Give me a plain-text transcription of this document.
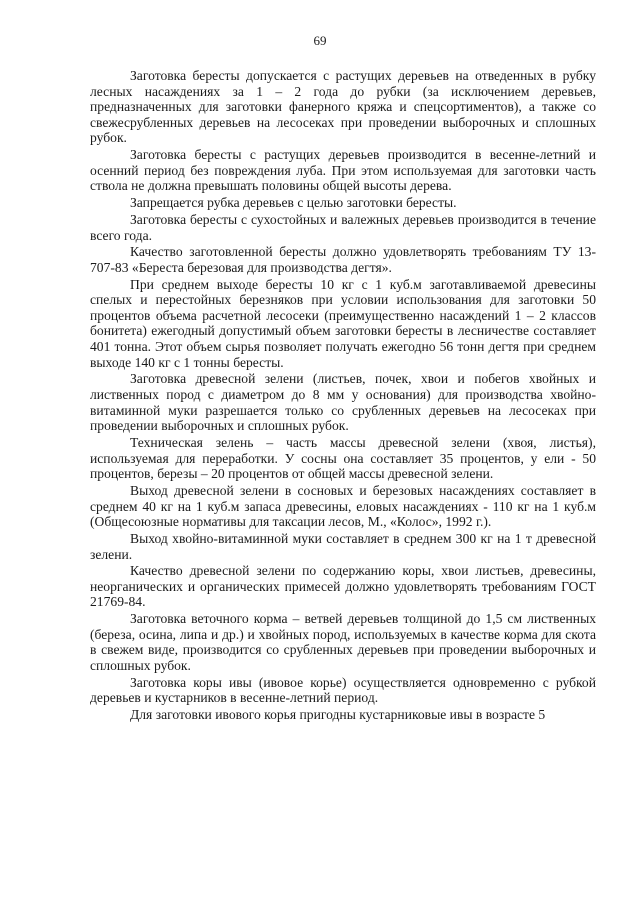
69

Заготовка бересты допускается с растущих деревьев на отведенных в рубку лесных насаждениях за 1 – 2 года до рубки (за исключением деревьев, предназначенных для заготовки фанерного кряжа и спецсортиментов), а также со свежесрубленных деревьев на лесосеках при проведении выборочных и сплошных рубок.

Заготовка бересты с растущих деревьев производится в весенне-летний и осенний период без повреждения луба. При этом используемая для заготовки часть ствола не должна превышать половины общей высоты дерева.

Запрещается рубка деревьев с целью заготовки бересты.

Заготовка бересты с сухостойных и валежных деревьев производится в течение всего года.

Качество заготовленной бересты должно удовлетворять требованиям ТУ 13-707-83 «Береста березовая для производства дегтя».

При среднем выходе бересты 10 кг с 1 куб.м заготавливаемой древесины спелых и перестойных березняков при условии использования для заготовки 50 процентов объема расчетной лесосеки (преимущественно насаждений 1 – 2 классов бонитета) ежегодный допустимый объем заготовки бересты в лесничестве составляет 401 тонна. Этот объем сырья позволяет получать ежегодно 56 тонн дегтя при среднем выходе 140 кг с 1 тонны бересты.

Заготовка древесной зелени (листьев, почек, хвои и побегов хвойных и лиственных пород с диаметром до 8 мм у основания) для производства хвойно-витаминной муки разрешается только со срубленных деревьев на лесосеках при проведении выборочных и сплошных рубок.

Техническая зелень – часть массы древесной зелени (хвоя, листья), используемая для переработки. У сосны она составляет 35 процентов, у ели - 50 процентов, березы – 20 процентов от общей массы древесной зелени.

Выход древесной зелени в сосновых и березовых насаждениях составляет в среднем 40 кг на 1 куб.м запаса древесины, еловых насаждениях - 110 кг на 1 куб.м (Общесоюзные нормативы для таксации лесов, М., «Колос», 1992 г.).

Выход хвойно-витаминной муки составляет в среднем 300 кг на 1 т древесной зелени.

Качество древесной зелени по содержанию коры, хвои листьев, древесины, неорганических и органических примесей должно удовлетворять требованиям ГОСТ 21769-84.

Заготовка веточного корма – ветвей деревьев толщиной до 1,5 см лиственных (береза, осина, липа и др.) и хвойных пород, используемых в качестве корма для скота в свежем виде, производится со срубленных деревьев при проведении выборочных и сплошных рубок.

Заготовка коры ивы (ивовое корье) осуществляется одновременно с рубкой деревьев и кустарников в весенне-летний период.

Для заготовки ивового корья пригодны кустарниковые ивы в возрасте 5
